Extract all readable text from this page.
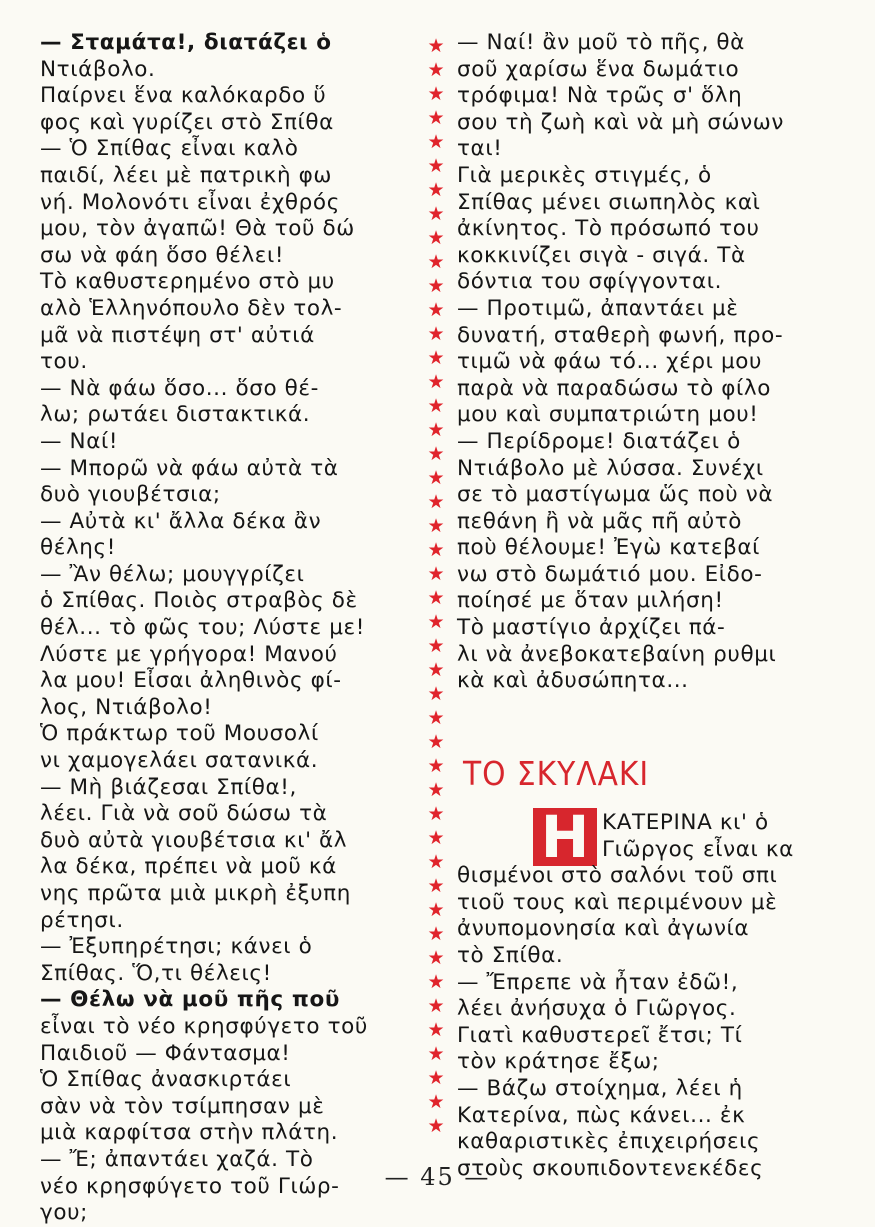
— Σταμάτα!, διατάζει ὁ

Ντιάβολο.

Παίρνει ἕνα καλόκαρδο ὕ

φος καὶ γυρίζει στὸ Σπίθα

— Ὁ Σπίθας εἶναι καλὸ

παιδί, λέει μὲ πατρικὴ φω

νή. Μολονότι εἶναι ἐχθρός

μου, τὸν ἀγαπῶ! Θὰ τοῦ δώ

σω νὰ φάη ὅσο θέλει!

Τὸ καθυστερημένο στὸ μυ

αλὸ Ἑλληνόπουλο δὲν τολ-

μᾶ νὰ πιστέψη στ' αὐτιά

του.

— Νὰ φάω ὅσο... ὅσο θέ-

λω; ρωτάει διστακτικά.

— Ναί!

— Μπορῶ νὰ φάω αὐτὰ τὰ

δυὸ γιουβέτσια;

— Αὐτὰ κι' ἄλλα δέκα ἂν

θέλης!

— Ἂν θέλω; μουγγρίζει

ὁ Σπίθας. Ποιὸς στραβὸς δὲ

θέλ... τὸ φῶς του; Λύστε με!

Λύστε με γρήγορα! Μανού

λα μου! Εἶσαι ἀληθινὸς φί-

λος, Ντιάβολο!

Ὁ πράκτωρ τοῦ Μουσολί

νι χαμογελάει σατανικά.

— Μὴ βιάζεσαι Σπίθα!,

λέει. Γιὰ νὰ σοῦ δώσω τὰ

δυὸ αὐτὰ γιουβέτσια κι' ἄλ

λα δέκα, πρέπει νὰ μοῦ κά

νης πρῶτα μιὰ μικρὴ ἐξυπη

ρέτησι.

— Ἐξυπηρέτησι; κάνει ὁ

Σπίθας. Ὅ,τι θέλεις!

— Θέλω νὰ μοῦ πῆς ποῦ

εἶναι τὸ νέο κρησφύγετο τοῦ

Παιδιοῦ — Φάντασμα!

Ὁ Σπίθας ἀνασκιρτάει

σὰν νὰ τὸν τσίμπησαν μὲ

μιὰ καρφίτσα στὴν πλάτη.

— Ἔ; ἀπαντάει χαζά. Τὸ

νέο κρησφύγετο τοῦ Γιώρ-

γου;

★
★
★
★
★
★
★
★
★
★
★
★
★
★
★
★
★
★
★
★
★
★
★
★
★
★
★
★
★
★
★
★
★
★
★
★
★
★
★
★
★
★
★
★
★
★

— Ναί! ἂν μοῦ τὸ πῆς, θὰ

σοῦ χαρίσω ἕνα δωμάτιο

τρόφιμα! Νὰ τρῶς σ' ὅλη

σου τὴ ζωὴ καὶ νὰ μὴ σώνων

ται!

Γιὰ μερικὲς στιγμές, ὁ

Σπίθας μένει σιωπηλὸς καὶ

ἀκίνητος. Τὸ πρόσωπό του

κοκκινίζει σιγὰ - σιγά. Τὰ

δόντια του σφίγγονται.

— Προτιμῶ, ἀπαντάει μὲ

δυνατή, σταθερὴ φωνή, προ-

τιμῶ νὰ φάω τό... χέρι μου

παρὰ νὰ παραδώσω τὸ φίλο

μου καὶ συμπατριώτη μου!

— Περίδρομε! διατάζει ὁ

Ντιάβολο μὲ λύσσα. Συνέχι

σε τὸ μαστίγωμα ὥς ποὺ νὰ

πεθάνη ἢ νὰ μᾶς πῆ αὐτὸ

ποὺ θέλουμε! Ἐγὼ κατεβαί

νω στὸ δωμάτιό μου. Εἰδο-

ποίησέ με ὅταν μιλήση!

Τὸ μαστίγιο ἀρχίζει πά-

λι νὰ ἀνεβοκατεβαίνη ρυθμι

κὰ καὶ ἀδυσώπητα...

ΤΟ ΣΚΥΛΑΚΙ
Η ΚΑΤΕΡΙΝΑ κι' ὁ

Γιῶργος εἶναι κα

θισμένοι στὸ σαλόνι τοῦ σπι

τιοῦ τους καὶ περιμένουν μὲ

ἀνυπομονησία καὶ ἀγωνία

τὸ Σπίθα.

— Ἔπρεπε νὰ ἦταν ἐδῶ!,

λέει ἀνήσυχα ὁ Γιῶργος.

Γιατὶ καθυστερεῖ ἔτσι; Τί

τὸν κράτησε ἔξω;

— Βάζω στοίχημα, λέει ἡ

Κατερίνα, πὼς κάνει... ἐκ

καθαριστικὲς ἐπιχειρήσεις

στοὺς σκουπιδοντενεκέδες

— 45 —
